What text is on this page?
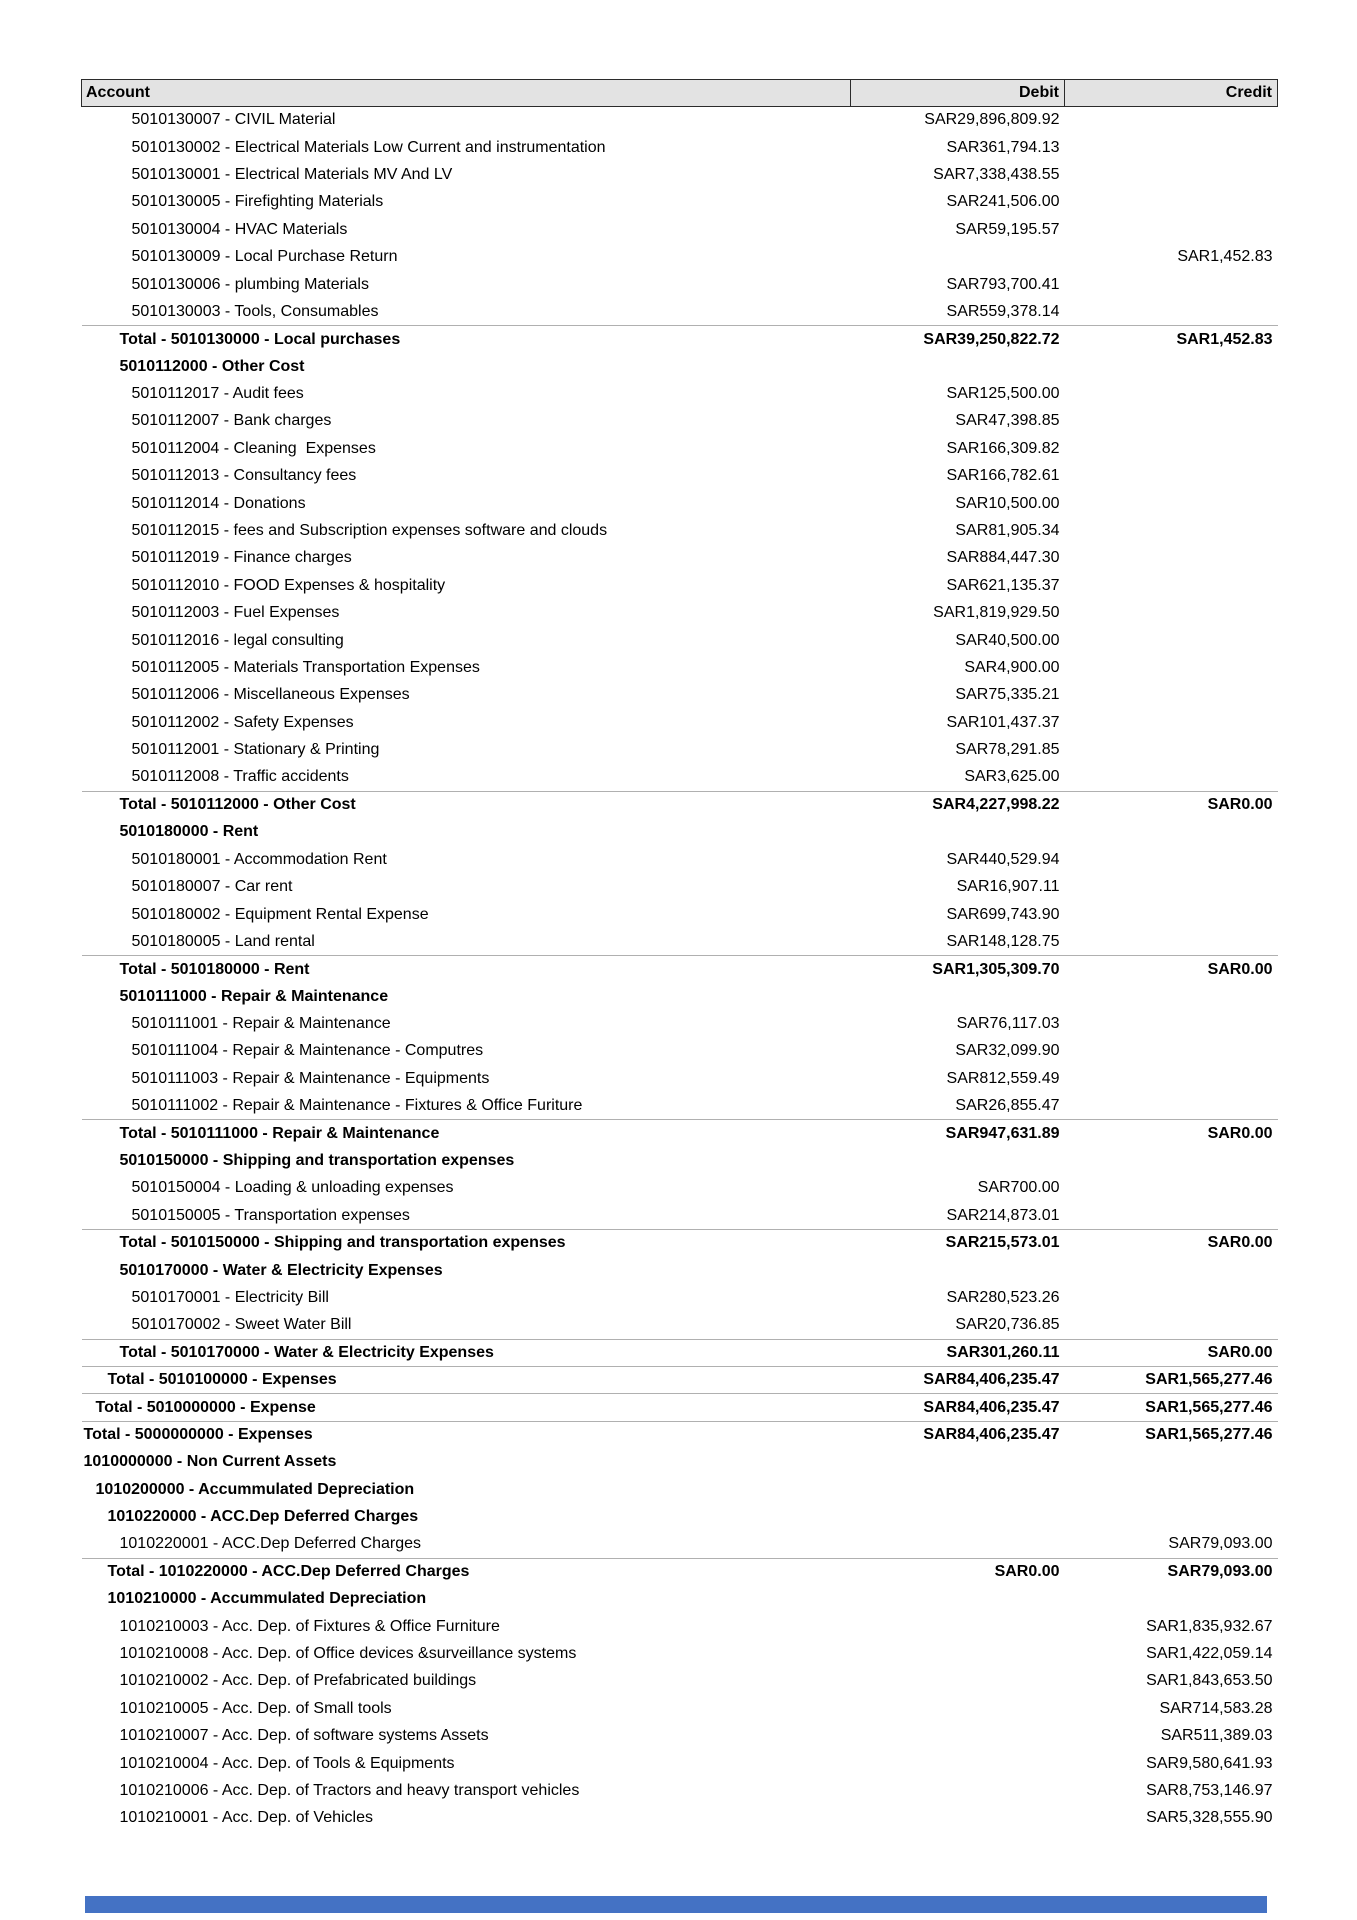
Account	Debit	Credit
5010130007 - CIVIL Material	SAR29,896,809.92	
5010130002 - Electrical Materials Low Current and instrumentation	SAR361,794.13	
5010130001 - Electrical Materials MV And LV	SAR7,338,438.55	
5010130005 - Firefighting Materials	SAR241,506.00	
5010130004 - HVAC Materials	SAR59,195.57	
5010130009 - Local Purchase Return		SAR1,452.83
5010130006 - plumbing Materials	SAR793,700.41	
5010130003 - Tools, Consumables	SAR559,378.14	
Total - 5010130000 - Local purchases	SAR39,250,822.72	SAR1,452.83
5010112000 - Other Cost		
5010112017 - Audit fees	SAR125,500.00	
5010112007 - Bank charges	SAR47,398.85	
5010112004 - Cleaning  Expenses	SAR166,309.82	
5010112013 - Consultancy fees	SAR166,782.61	
5010112014 - Donations	SAR10,500.00	
5010112015 - fees and Subscription expenses software and clouds	SAR81,905.34	
5010112019 - Finance charges	SAR884,447.30	
5010112010 - FOOD Expenses & hospitality	SAR621,135.37	
5010112003 - Fuel Expenses	SAR1,819,929.50	
5010112016 - legal consulting	SAR40,500.00	
5010112005 - Materials Transportation Expenses	SAR4,900.00	
5010112006 - Miscellaneous Expenses	SAR75,335.21	
5010112002 - Safety Expenses	SAR101,437.37	
5010112001 - Stationary & Printing	SAR78,291.85	
5010112008 - Traffic accidents	SAR3,625.00	
Total - 5010112000 - Other Cost	SAR4,227,998.22	SAR0.00
5010180000 - Rent		
5010180001 - Accommodation Rent	SAR440,529.94	
5010180007 - Car rent	SAR16,907.11	
5010180002 - Equipment Rental Expense	SAR699,743.90	
5010180005 - Land rental	SAR148,128.75	
Total - 5010180000 - Rent	SAR1,305,309.70	SAR0.00
5010111000 - Repair & Maintenance		
5010111001 - Repair & Maintenance	SAR76,117.03	
5010111004 - Repair & Maintenance - Computres	SAR32,099.90	
5010111003 - Repair & Maintenance - Equipments	SAR812,559.49	
5010111002 - Repair & Maintenance - Fixtures & Office Furiture	SAR26,855.47	
Total - 5010111000 - Repair & Maintenance	SAR947,631.89	SAR0.00
5010150000 - Shipping and transportation expenses		
5010150004 - Loading & unloading expenses	SAR700.00	
5010150005 - Transportation expenses	SAR214,873.01	
Total - 5010150000 - Shipping and transportation expenses	SAR215,573.01	SAR0.00
5010170000 - Water & Electricity Expenses		
5010170001 - Electricity Bill	SAR280,523.26	
5010170002 - Sweet Water Bill	SAR20,736.85	
Total - 5010170000 - Water & Electricity Expenses	SAR301,260.11	SAR0.00
Total - 5010100000 - Expenses	SAR84,406,235.47	SAR1,565,277.46
Total - 5010000000 - Expense	SAR84,406,235.47	SAR1,565,277.46
Total - 5000000000 - Expenses	SAR84,406,235.47	SAR1,565,277.46
1010000000 - Non Current Assets		
1010200000 - Accummulated Depreciation		
1010220000 - ACC.Dep Deferred Charges		
1010220001 - ACC.Dep Deferred Charges		SAR79,093.00
Total - 1010220000 - ACC.Dep Deferred Charges	SAR0.00	SAR79,093.00
1010210000 - Accummulated Depreciation		
1010210003 - Acc. Dep. of Fixtures & Office Furniture		SAR1,835,932.67
1010210008 - Acc. Dep. of Office devices &surveillance systems		SAR1,422,059.14
1010210002 - Acc. Dep. of Prefabricated buildings		SAR1,843,653.50
1010210005 - Acc. Dep. of Small tools		SAR714,583.28
1010210007 - Acc. Dep. of software systems Assets		SAR511,389.03
1010210004 - Acc. Dep. of Tools & Equipments		SAR9,580,641.93
1010210006 - Acc. Dep. of Tractors and heavy transport vehicles		SAR8,753,146.97
1010210001 - Acc. Dep. of Vehicles		SAR5,328,555.90
